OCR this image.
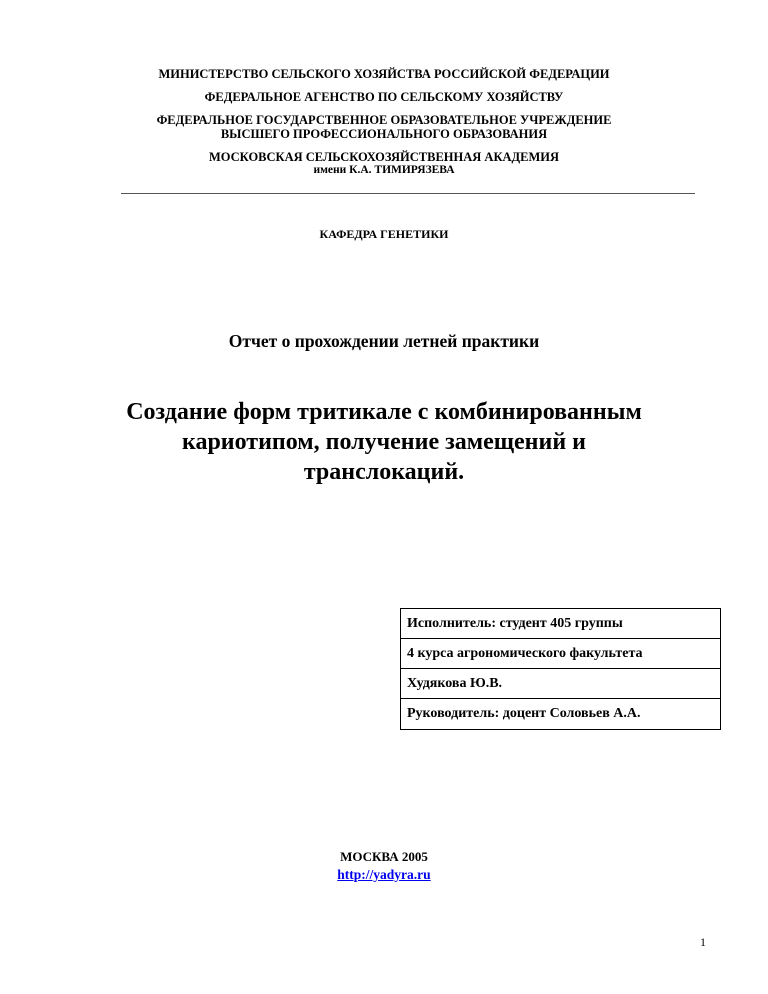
МИНИСТЕРСТВО СЕЛЬСКОГО ХОЗЯЙСТВА РОССИЙСКОЙ ФЕДЕРАЦИИ
ФЕДЕРАЛЬНОЕ АГЕНСТВО ПО СЕЛЬСКОМУ ХОЗЯЙСТВУ
ФЕДЕРАЛЬНОЕ ГОСУДАРСТВЕННОЕ ОБРАЗОВАТЕЛЬНОЕ УЧРЕЖДЕНИЕ
ВЫСШЕГО ПРОФЕССИОНАЛЬНОГО ОБРАЗОВАНИЯ
МОСКОВСКАЯ СЕЛЬСКОХОЗЯЙСТВЕННАЯ АКАДЕМИЯ
имени К.А. ТИМИРЯЗЕВА
КАФЕДРА ГЕНЕТИКИ
Отчет о прохождении летней практики
Создание форм тритикале с комбинированным
кариотипом, получение замещений и
транслокаций.
Исполнитель: студент 405 группы
4 курса агрономического факультета
Худякова Ю.В.
Руководитель: доцент Соловьев А.А.
МОСКВА 2005
http://yadyra.ru
1
